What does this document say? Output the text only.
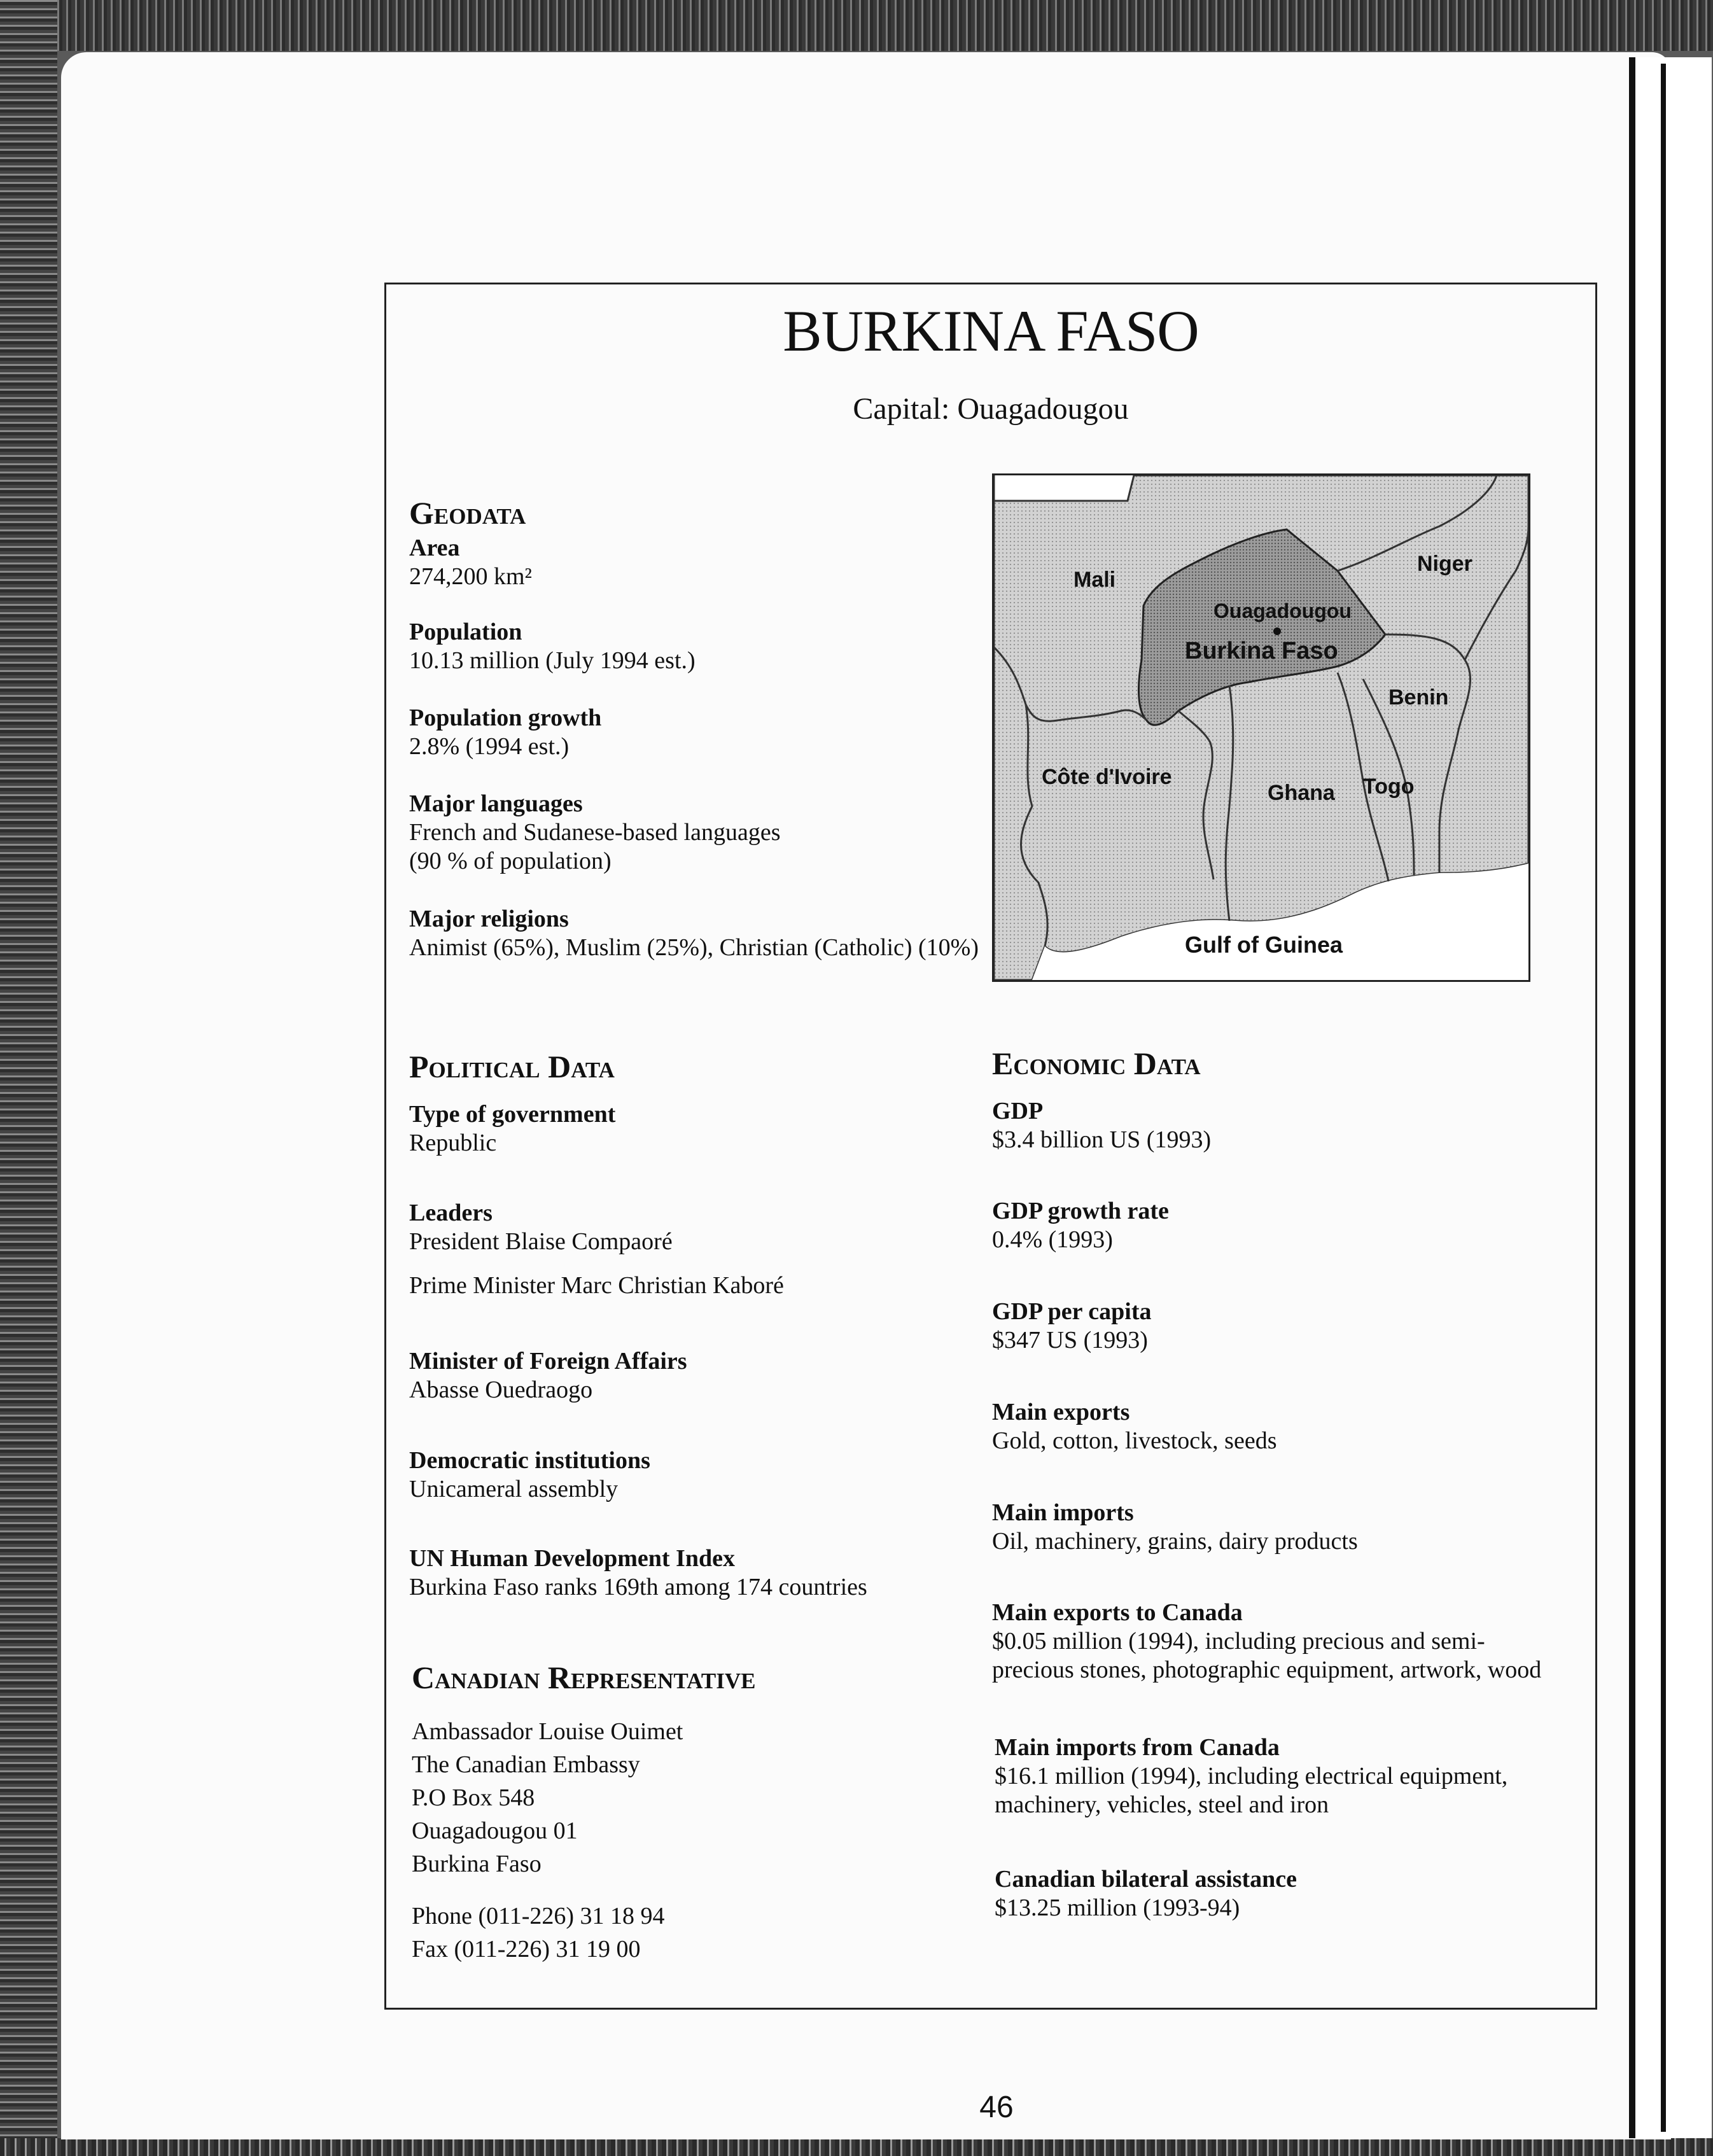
BURKINA FASO
Capital: Ouagadougou
Geodata
Area
274,200 km²
Population
10.13 million (July 1994 est.)
Population growth
2.8% (1994 est.)
Major languages
French and Sudanese-based languages
(90 % of population)
Major religions
Animist (65%), Muslim (25%), Christian (Catholic) (10%)
Mali
Niger
Ouagadougou
Burkina Faso
Benin
Côte d'Ivoire
Ghana Togo
Gulf of Guinea
Political Data
Type of government
Republic
Leaders
President Blaise Compaoré
Prime Minister Marc Christian Kaboré
Minister of Foreign Affairs
Abasse Ouedraogo
Democratic institutions
Unicameral assembly
UN Human Development Index
Burkina Faso ranks 169th among 174 countries
Canadian Representative
Ambassador Louise Ouimet
The Canadian Embassy
P.O Box 548
Ouagadougou 01
Burkina Faso
Phone (011-226) 31 18 94
Fax (011-226) 31 19 00
Economic Data
GDP
$3.4 billion US (1993)
GDP growth rate
0.4% (1993)
GDP per capita
$347 US (1993)
Main exports
Gold, cotton, livestock, seeds
Main imports
Oil, machinery, grains, dairy products
Main exports to Canada
$0.05 million (1994), including precious and semi-
precious stones, photographic equipment, artwork, wood
Main imports from Canada
$16.1 million (1994), including electrical equipment,
machinery, vehicles, steel and iron
Canadian bilateral assistance
$13.25 million (1993-94)
46
